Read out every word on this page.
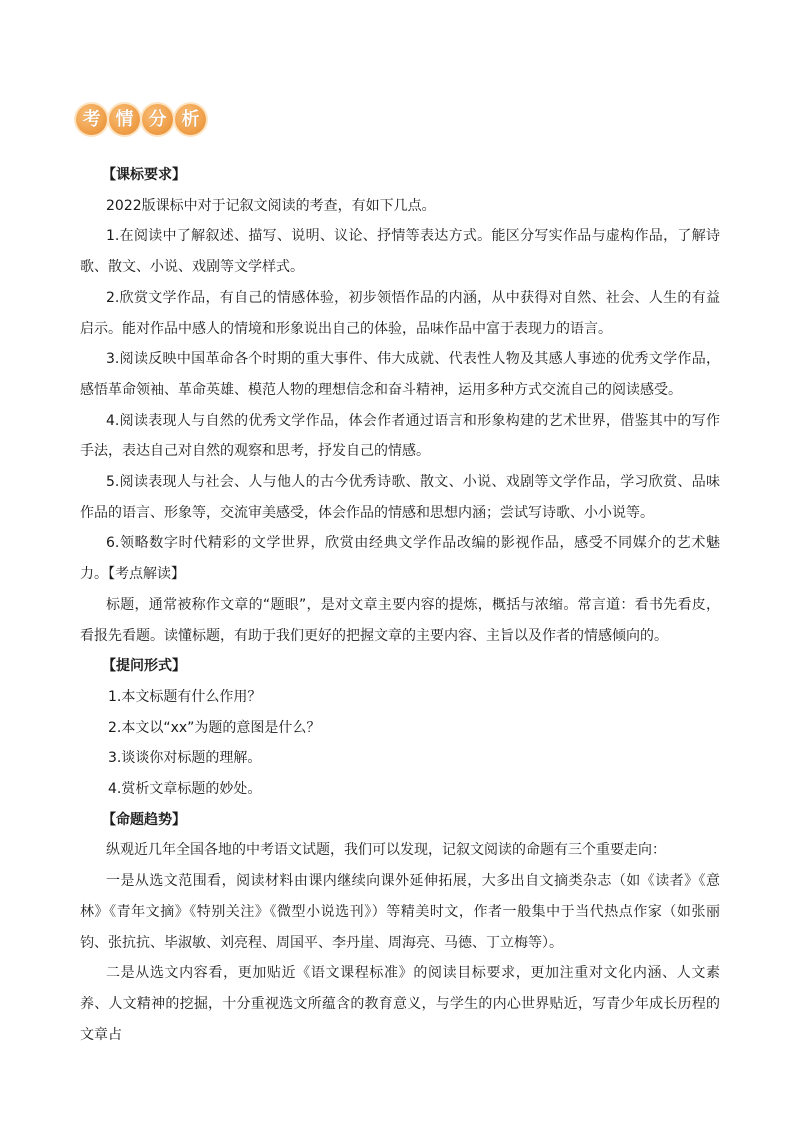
考 情 分 析

【课标要求】

2022版课标中对于记叙文阅读的考查，有如下几点。

1.在阅读中了解叙述、描写、说明、议论、抒情等表达方式。能区分写实作品与虚构作品，了解诗歌、散文、小说、戏剧等文学样式。

2.欣赏文学作品，有自己的情感体验，初步领悟作品的内涵，从中获得对自然、社会、人生的有益启示。能对作品中感人的情境和形象说出自己的体验，品味作品中富于表现力的语言。

3.阅读反映中国革命各个时期的重大事件、伟大成就、代表性人物及其感人事迹的优秀文学作品，感悟革命领袖、革命英雄、模范人物的理想信念和奋斗精神，运用多种方式交流自己的阅读感受。

4.阅读表现人与自然的优秀文学作品，体会作者通过语言和形象构建的艺术世界，借鉴其中的写作手法，表达自己对自然的观察和思考，抒发自己的情感。

5.阅读表现人与社会、人与他人的古今优秀诗歌、散文、小说、戏剧等文学作品，学习欣赏、品味作品的语言、形象等，交流审美感受，体会作品的情感和思想内涵；尝试写诗歌、小小说等。

6.领略数字时代精彩的文学世界，欣赏由经典文学作品改编的影视作品，感受不同媒介的艺术魅力。【考点解读】

标题，通常被称作文章的“题眼”，是对文章主要内容的提炼，概括与浓缩。常言道：看书先看皮，看报先看题。读懂标题，有助于我们更好的把握文章的主要内容、主旨以及作者的情感倾向的。

【提问形式】

1.本文标题有什么作用？

2.本文以“xx”为题的意图是什么？

3.谈谈你对标题的理解。

4.赏析文章标题的妙处。

【命题趋势】

纵观近几年全国各地的中考语文试题，我们可以发现，记叙文阅读的命题有三个重要走向：

一是从选文范围看，阅读材料由课内继续向课外延伸拓展，大多出自文摘类杂志（如《读者》《意林》《青年文摘》《特别关注》《微型小说选刊》）等精美时文，作者一般集中于当代热点作家（如张丽钧、张抗抗、毕淑敏、刘亮程、周国平、李丹崖、周海亮、马德、丁立梅等）。

二是从选文内容看，更加贴近《语文课程标准》的阅读目标要求，更加注重对文化内涵、人文素养、人文精神的挖掘，十分重视选文所蕴含的教育意义，与学生的内心世界贴近，写青少年成长历程的文章占
